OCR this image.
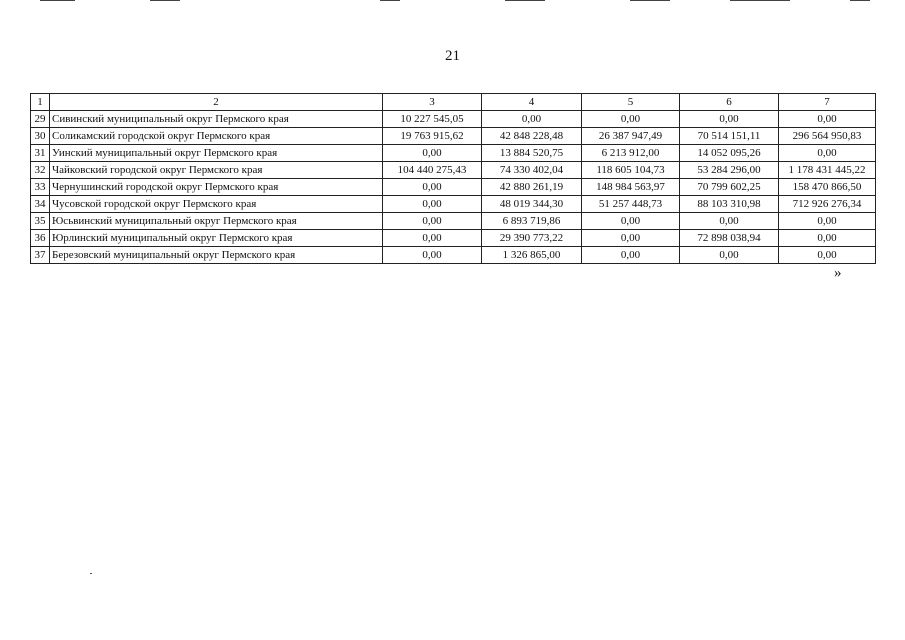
21
1	2	3	4	5	6	7
29	Сивинский муниципальный округ Пермского края	10 227 545,05	0,00	0,00	0,00	0,00
30	Соликамский городской округ Пермского края	19 763 915,62	42 848 228,48	26 387 947,49	70 514 151,11	296 564 950,83
31	Уинский муниципальный округ Пермского края	0,00	13 884 520,75	6 213 912,00	14 052 095,26	0,00
32	Чайковский городской округ Пермского края	104 440 275,43	74 330 402,04	118 605 104,73	53 284 296,00	1 178 431 445,22
33	Чернушинский городской округ Пермского края	0,00	42 880 261,19	148 984 563,97	70 799 602,25	158 470 866,50
34	Чусовской городской округ Пермского края	0,00	48 019 344,30	51 257 448,73	88 103 310,98	712 926 276,34
35	Юсьвинский муниципальный округ Пермского края	0,00	6 893 719,86	0,00	0,00	0,00
36	Юрлинский муниципальный округ Пермского края	0,00	29 390 773,22	0,00	72 898 038,94	0,00
37	Березовский муниципальный округ Пермского края	0,00	1 326 865,00	0,00	0,00	0,00
»
